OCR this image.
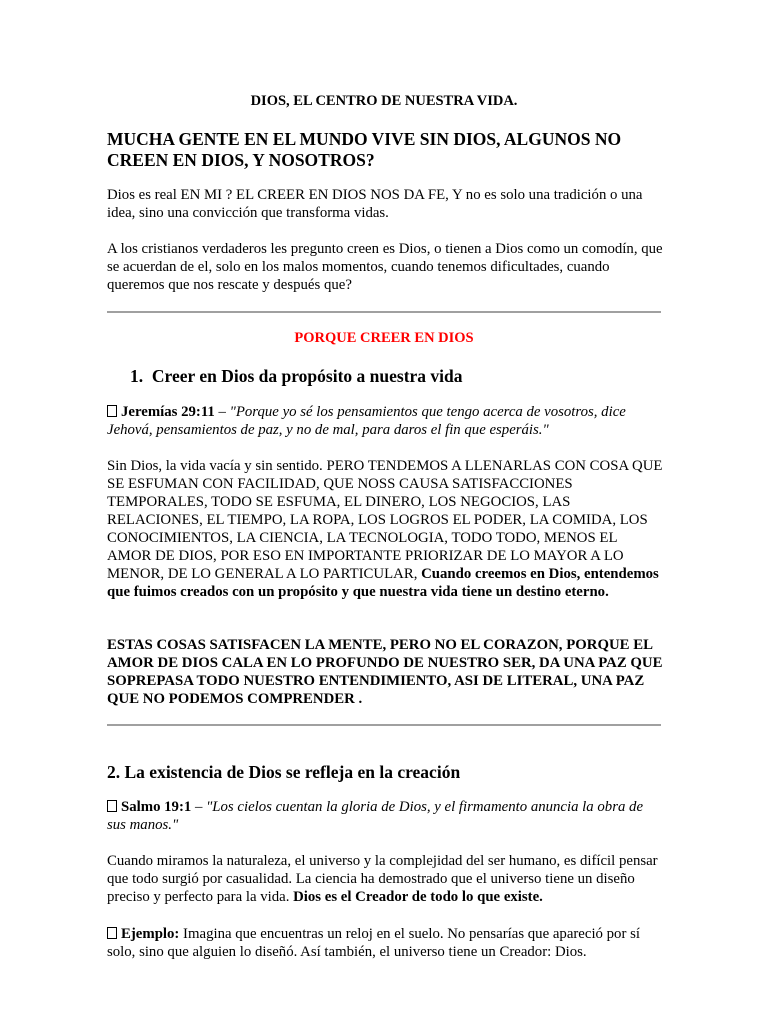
DIOS, EL CENTRO DE NUESTRA VIDA.

MUCHA GENTE EN EL MUNDO VIVE SIN DIOS, ALGUNOS NO CREEN EN DIOS, Y NOSOTROS?

Dios es real EN MI ? EL CREER EN DIOS NOS DA FE, Y no es solo una tradición o una idea, sino una convicción que transforma vidas.

A los cristianos verdaderos les pregunto creen es Dios, o tienen a Dios como un comodín, que se acuerdan de el, solo en los malos momentos, cuando tenemos dificultades, cuando queremos que nos rescate y después que?

PORQUE CREER EN DIOS

1. Creer en Dios da propósito a nuestra vida

Jeremías 29:11 – "Porque yo sé los pensamientos que tengo acerca de vosotros, dice Jehová, pensamientos de paz, y no de mal, para daros el fin que esperáis."

Sin Dios, la vida vacía y sin sentido. PERO TENDEMOS A LLENARLAS CON COSA QUE SE ESFUMAN CON FACILIDAD, QUE NOSS CAUSA SATISFACCIONES TEMPORALES, TODO SE ESFUMA, EL DINERO, LOS NEGOCIOS, LAS RELACIONES, EL TIEMPO, LA ROPA, LOS LOGROS EL PODER, LA COMIDA, LOS CONOCIMIENTOS, LA CIENCIA, LA TECNOLOGIA, TODO TODO, MENOS EL AMOR DE DIOS, POR ESO EN IMPORTANTE PRIORIZAR DE LO MAYOR A LO MENOR, DE LO GENERAL A LO PARTICULAR, Cuando creemos en Dios, entendemos que fuimos creados con un propósito y que nuestra vida tiene un destino eterno.

ESTAS COSAS SATISFACEN LA MENTE, PERO NO EL CORAZON, PORQUE EL AMOR DE DIOS CALA EN LO PROFUNDO DE NUESTRO SER, DA UNA PAZ QUE SOPREPASA TODO NUESTRO ENTENDIMIENTO, ASI DE LITERAL, UNA PAZ QUE NO PODEMOS COMPRENDER .

2. La existencia de Dios se refleja en la creación

Salmo 19:1 – "Los cielos cuentan la gloria de Dios, y el firmamento anuncia la obra de sus manos."

Cuando miramos la naturaleza, el universo y la complejidad del ser humano, es difícil pensar que todo surgió por casualidad. La ciencia ha demostrado que el universo tiene un diseño preciso y perfecto para la vida. Dios es el Creador de todo lo que existe.

Ejemplo: Imagina que encuentras un reloj en el suelo. No pensarías que apareció por sí solo, sino que alguien lo diseñó. Así también, el universo tiene un Creador: Dios.
